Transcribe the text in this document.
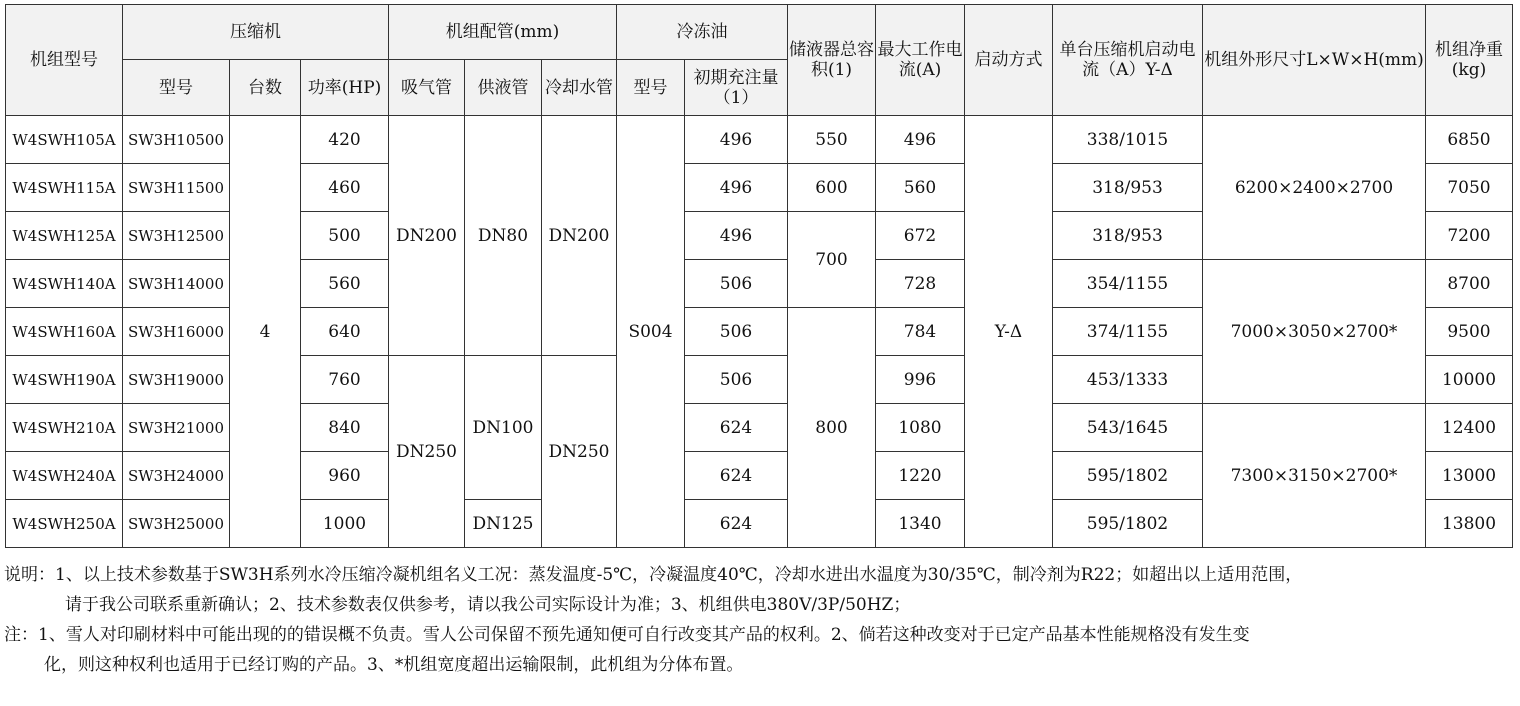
机组型号	压缩机			机组配管(mm)			冷冻油		储液器总容积(1)	最大工作电流(A)	启动方式	单台压缩机启动电流（A）Y-Δ	机组外形尺寸L×W×H(mm)	机组净重(kg)
	型号	台数	功率(HP)	吸气管	供液管	冷却水管	型号	初期充注量（1）						
W4SWH105A	SW3H10500	4	420	DN200	DN80	DN200	S004	496	550	496	Y-Δ	338/1015	6200×2400×2700	6850
W4SWH115A	SW3H11500		460					496	600	560		318/953		7050
W4SWH125A	SW3H12500		500					496	700	672		318/953		7200
W4SWH140A	SW3H14000		560					506		728		354/1155	7000×3050×2700*	8700
W4SWH160A	SW3H16000		640					506	800	784		374/1155		9500
W4SWH190A	SW3H19000		760	DN250	DN100	DN250		506		996		453/1333		10000
W4SWH210A	SW3H21000		840					624		1080		543/1645	7300×3150×2700*	12400
W4SWH240A	SW3H24000		960					624		1220		595/1802		13000
W4SWH250A	SW3H25000		1000		DN125			624		1340		595/1802		13800

说明：1、以上技术参数基于SW3H系列水冷压缩冷凝机组名义工况：蒸发温度-5℃，冷凝温度40℃，冷却水进出水温度为30/35℃，制冷剂为R22；如超出以上适用范围，

请于我公司联系重新确认；2、技术参数表仅供参考，请以我公司实际设计为准；3、机组供电380V/3P/50HZ；

注：1、雪人对印刷材料中可能出现的的错误概不负责。雪人公司保留不预先通知便可自行改变其产品的权利。2、倘若这种改变对于已定产品基本性能规格没有发生变

化，则这种权利也适用于已经订购的产品。3、*机组宽度超出运输限制，此机组为分体布置。
